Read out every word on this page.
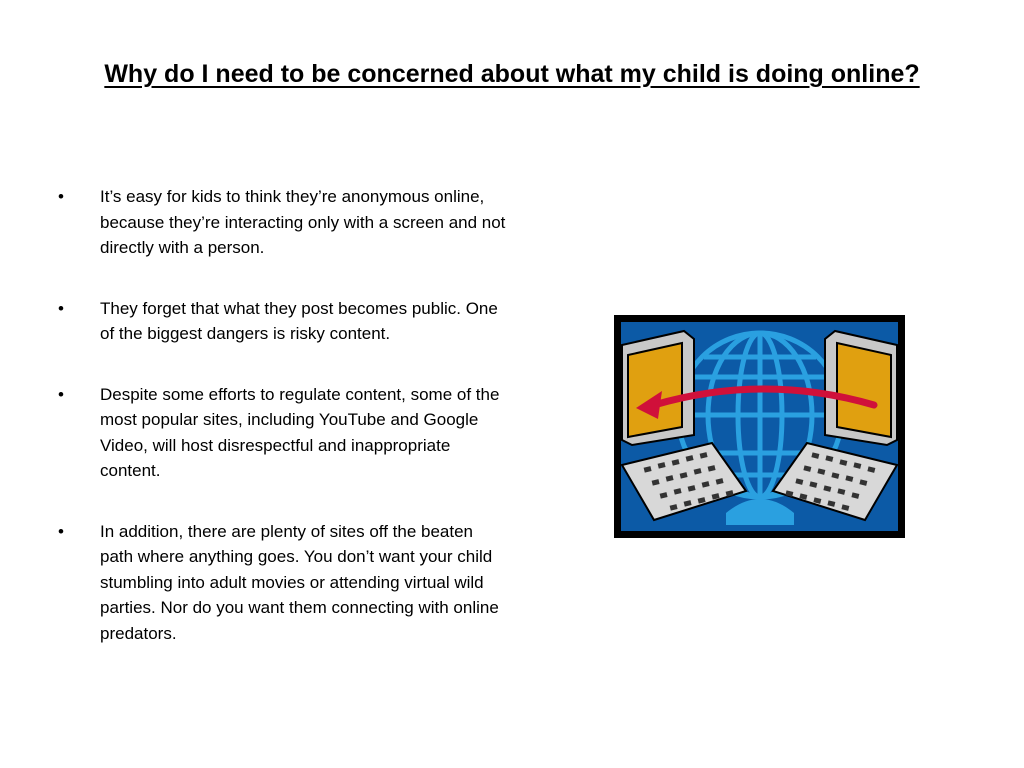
Why do I need to be concerned about what my child is doing online?
• It’s easy for kids to think they’re anonymous online, because they’re interacting only with a screen and not directly with a person.
• They forget that what they post becomes public. One of the biggest dangers is risky content.
• Despite some efforts to regulate content, some of the most popular sites, including YouTube and Google Video, will host disrespectful and inappropriate content.
• In addition, there are plenty of sites off the beaten path where anything goes. You don’t want your child stumbling into adult movies or attending virtual wild parties. Nor do you want them connecting with online predators.
